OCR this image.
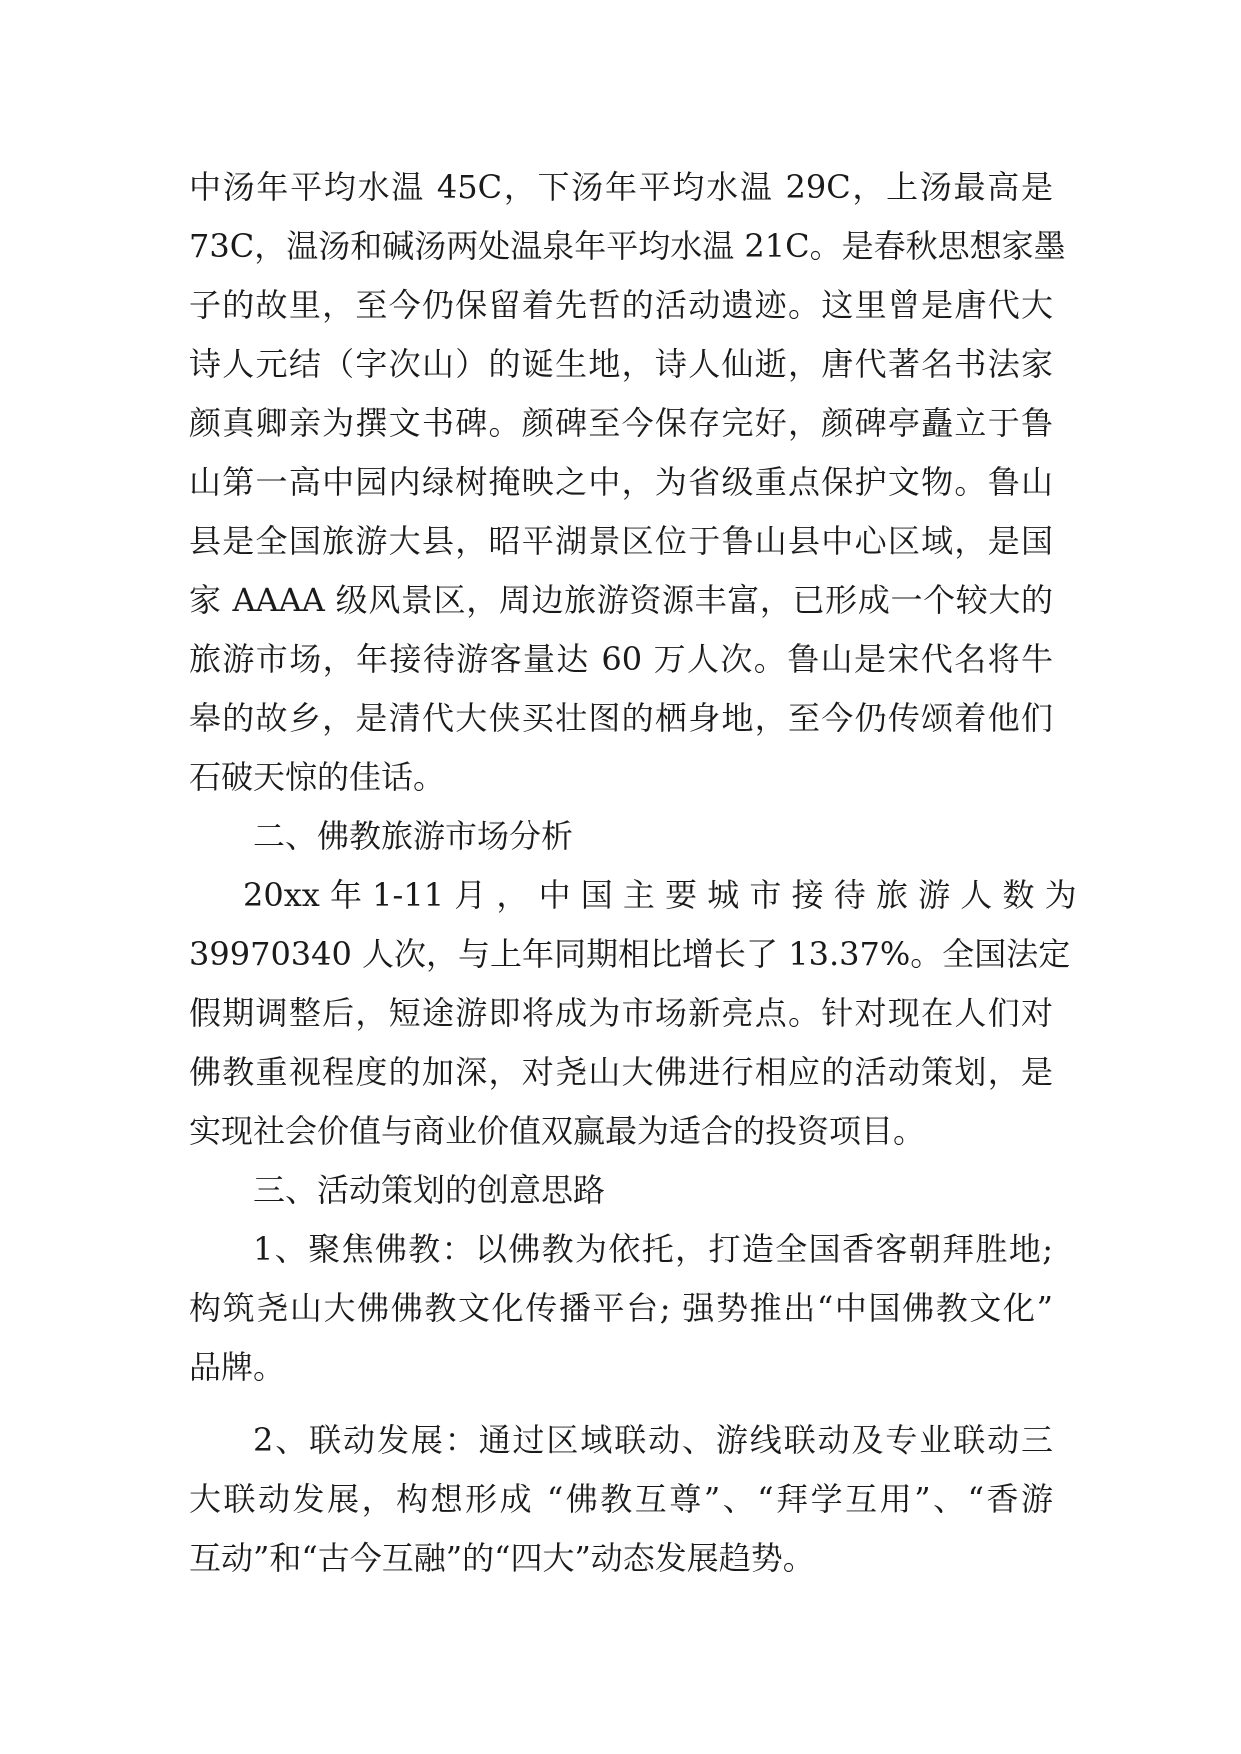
中汤年平均水温 45C，下汤年平均水温 29C，上汤最高是
73C，温汤和碱汤两处温泉年平均水温 21C。是春秋思想家墨
子的故里，至今仍保留着先哲的活动遗迹。这里曾是唐代大
诗人元结（字次山）的诞生地，诗人仙逝，唐代著名书法家
颜真卿亲为撰文书碑。颜碑至今保存完好，颜碑亭矗立于鲁
山第一高中园内绿树掩映之中，为省级重点保护文物。鲁山
县是全国旅游大县，昭平湖景区位于鲁山县中心区域，是国
家 AAAA 级风景区，周边旅游资源丰富，已形成一个较大的
旅游市场，年接待游客量达 60 万人次。鲁山是宋代名将牛
皋的故乡，是清代大侠买壮图的栖身地，至今仍传颂着他们
石破天惊的佳话。
二、佛教旅游市场分析
20xx 年 1-11 月 ， 中 国 主 要 城 市 接 待 旅 游 人 数 为
39970340 人次，与上年同期相比增长了 13.37%。全国法定
假期调整后，短途游即将成为市场新亮点。针对现在人们对
佛教重视程度的加深，对尧山大佛进行相应的活动策划，是
实现社会价值与商业价值双赢最为适合的投资项目。
三、活动策划的创意思路
1、聚焦佛教：以佛教为依托，打造全国香客朝拜胜地;
构筑尧山大佛佛教文化传播平台; 强势推出“中国佛教文化”
品牌。
2、联动发展：通过区域联动、游线联动及专业联动三
大联动发展，构想形成 “佛教互尊”、“拜学互用”、“香游
互动”和“古今互融”的“四大”动态发展趋势。
